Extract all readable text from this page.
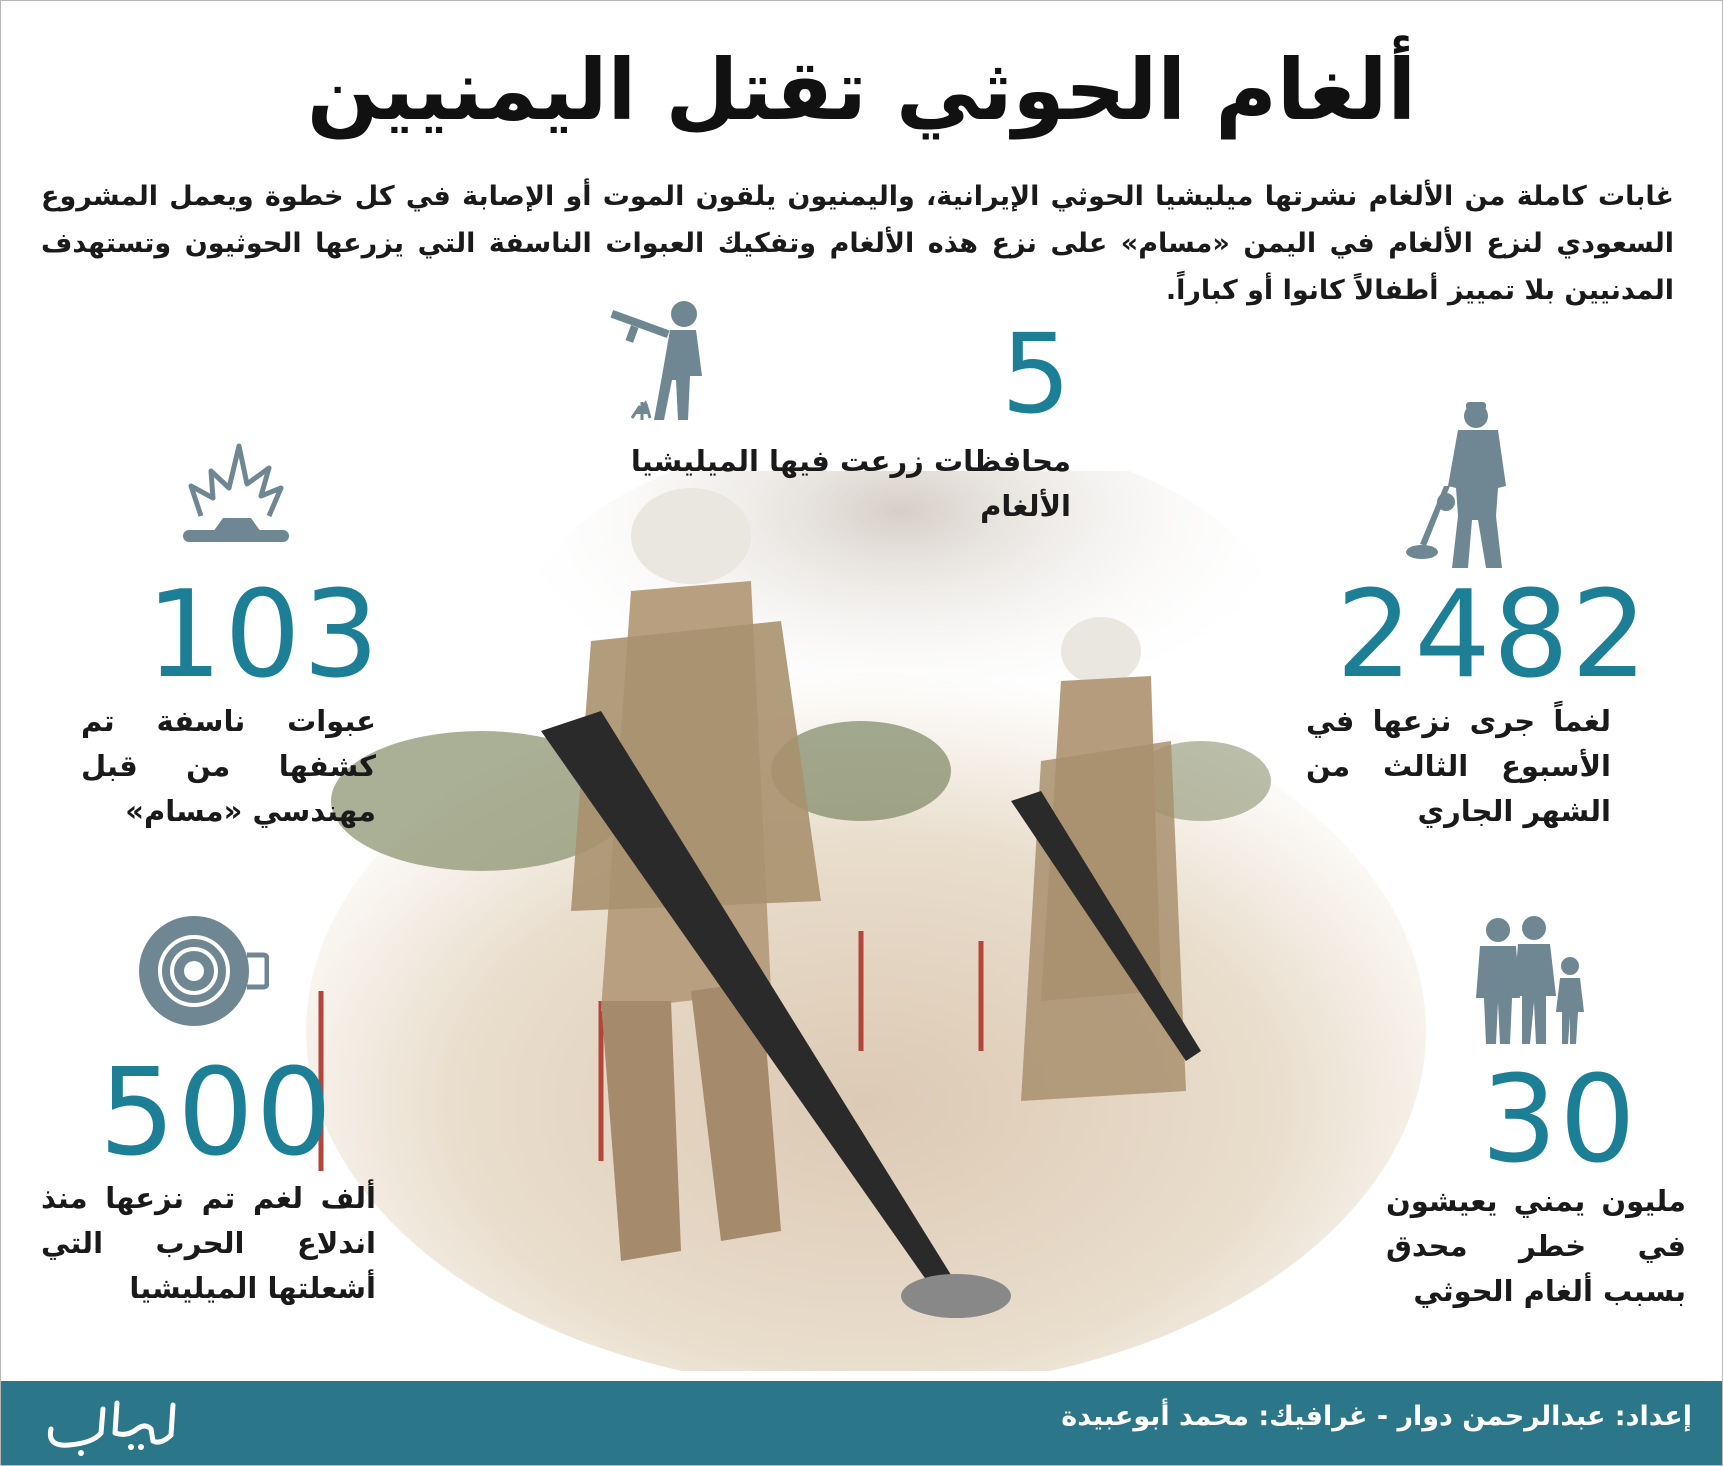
ألغام الحوثي تقتل اليمنيين
غابات كاملة من الألغام نشرتها ميليشيا الحوثي الإيرانية، واليمنيون يلقون الموت أو الإصابة في كل خطوة ويعمل المشروع السعودي لنزع الألغام في اليمن «مسام» على نزع هذه الألغام وتفكيك العبوات الناسفة التي يزرعها الحوثيون وتستهدف المدنيين بلا تمييز أطفالاً كانوا أو كباراً.
5
محافظات زرعت فيها الميليشيا الألغام
103
عبوات ناسفة تم كشفها من قبل مهندسي «مسام»
2482
لغماً جرى نزعها في الأسبوع الثالث من الشهر الجاري
500
ألف لغم تم نزعها منذ اندلاع الحرب التي أشعلتها الميليشيا
30
مليون يمني يعيشون في خطر محدق بسبب ألغام الحوثي
إعداد: عبدالرحمن دوار - غرافيك: محمد أبوعبيدة
